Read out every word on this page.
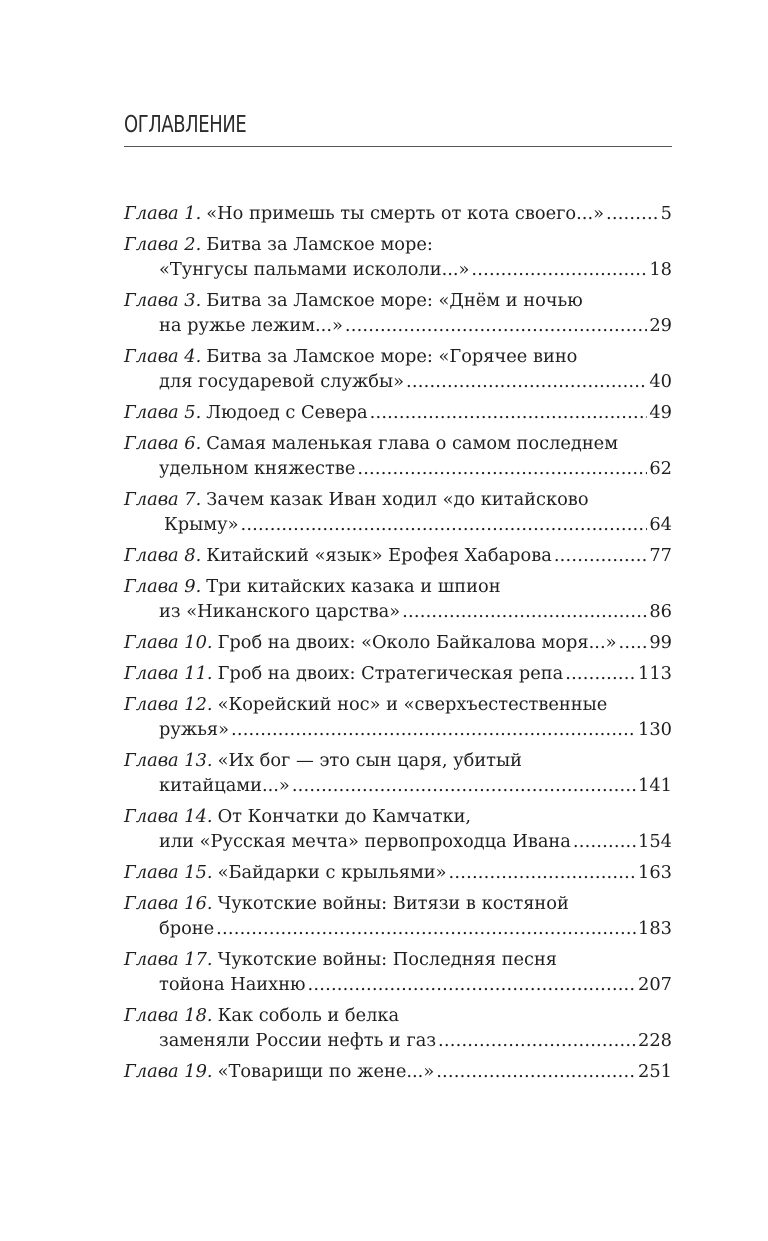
ОГЛАВЛЕНИЕ
Глава 1. «Но примешь ты смерть от кота своего...» .....	5
Глава 2. Битва за Ламское море:
«Тунгусы пальмами искололи...» .....	18
Глава 3. Битва за Ламское море: «Днём и ночью
на ружье лежим...» .....	29
Глава 4. Битва за Ламское море: «Горячее вино
для государевой службы» .....	40
Глава 5. Людоед с Севера .....	49
Глава 6. Самая маленькая глава о самом последнем
удельном княжестве .....	62
Глава 7. Зачем казак Иван ходил «до китайсково
Крыму» .....	64
Глава 8. Китайский «язык» Ерофея Хабарова .....	77
Глава 9. Три китайских казака и шпион
из «Никанского царства» .....	86
Глава 10. Гроб на двоих: «Около Байкалова моря...» ..... 99
Глава 11. Гроб на двоих: Стратегическая репа .....	113
Глава 12. «Корейский нос» и «сверхъестественные
ружья» .....	130
Глава 13. «Их бог — это сын царя, убитый
китайцами...» .....	141
Глава 14. От Кончатки до Камчатки,
или «Русская мечта» первопроходца Ивана .....	154
Глава 15. «Байдарки с крыльями» .....	163
Глава 16. Чукотские войны: Витязи в костяной
броне .....	183
Глава 17. Чукотские войны: Последняя песня
тойона Наихню .....	207
Глава 18. Как соболь и белка
заменяли России нефть и газ .....	228
Глава 19. «Товарищи по жене...» .....	251
